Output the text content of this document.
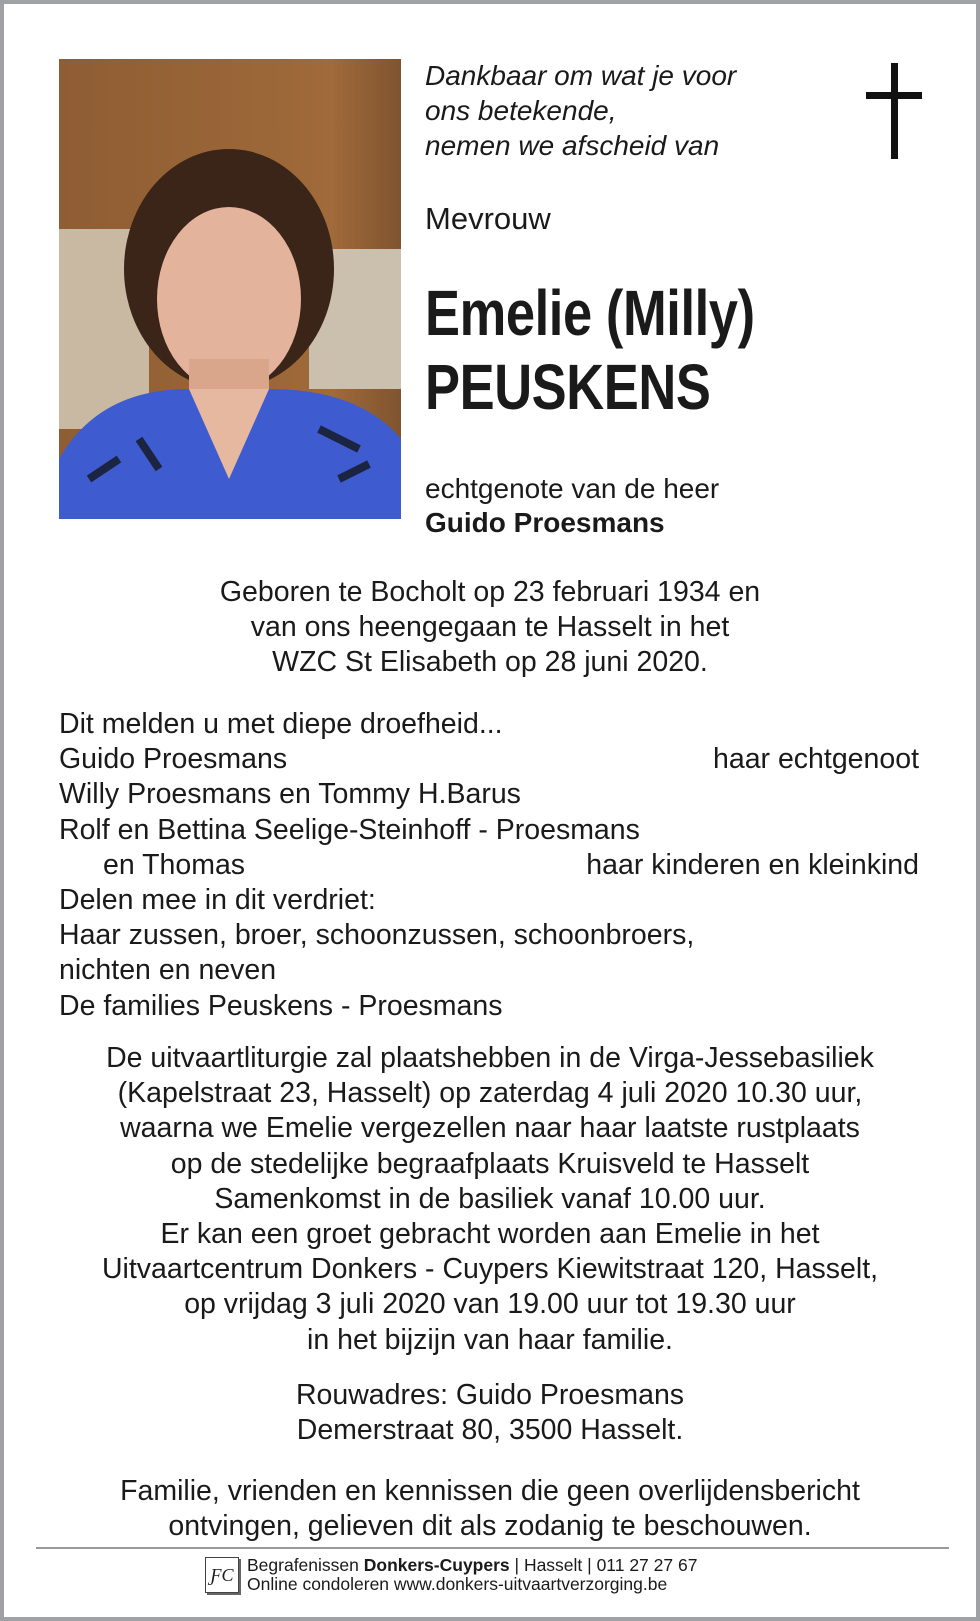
Dankbaar om wat je voor
ons betekende,
nemen we afscheid van
Mevrouw
Emelie (Milly)
PEUSKENS
echtgenote van de heer
Guido Proesmans
Geboren te Bocholt op 23 februari 1934 en
van ons heengegaan te Hasselt in het
WZC St Elisabeth op 28 juni 2020.
Dit melden u met diepe droefheid...
Guido Proesmans	haar echtgenoot
Willy Proesmans en Tommy H.Barus
Rolf en Bettina Seelige-Steinhoff - Proesmans
en Thomas	haar kinderen en kleinkind
Delen mee in dit verdriet:
Haar zussen, broer, schoonzussen, schoonbroers,
nichten en neven
De families Peuskens - Proesmans
De uitvaartliturgie zal plaatshebben in de Virga-Jessebasiliek
(Kapelstraat 23, Hasselt) op zaterdag 4 juli 2020 10.30 uur,
waarna we Emelie vergezellen naar haar laatste rustplaats
op de stedelijke begraafplaats Kruisveld te Hasselt
Samenkomst in de basiliek vanaf 10.00 uur.
Er kan een groet gebracht worden aan Emelie in het
Uitvaartcentrum Donkers - Cuypers Kiewitstraat 120, Hasselt,
op vrijdag 3 juli 2020 van 19.00 uur tot 19.30 uur
in het bijzijn van haar familie.
Rouwadres: Guido Proesmans
Demerstraat 80, 3500 Hasselt.
Familie, vrienden en kennissen die geen overlijdensbericht
ontvingen, gelieven dit als zodanig te beschouwen.
ƑC Begrafenissen Donkers-Cuypers | Hasselt | 011 27 27 67
Online condoleren www.donkers-uitvaartverzorging.be
